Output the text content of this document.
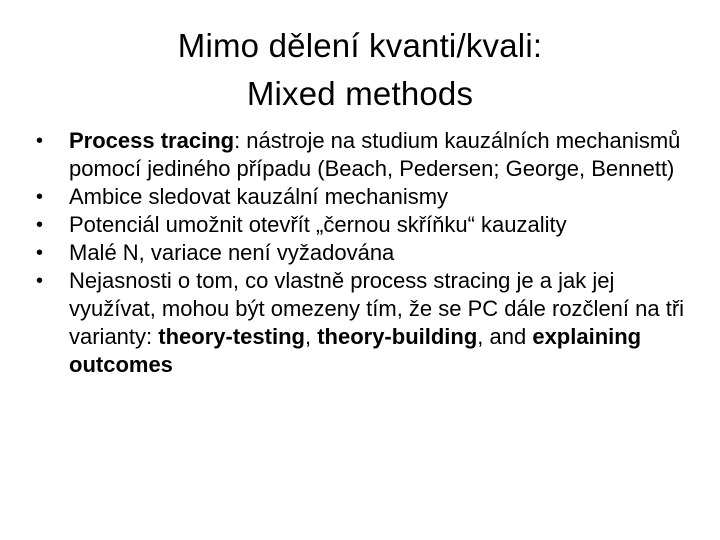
Mimo dělení kvanti/kvali:
Mixed methods
•	Process tracing: nástroje na studium kauzálních mechanismů pomocí jediného případu (Beach, Pedersen; George, Bennett)
•	Ambice sledovat kauzální mechanismy
•	Potenciál umožnit otevřít „černou skříňku“ kauzality
•	Malé N, variace není vyžadována
•	Nejasnosti o tom, co vlastně process stracing je a jak jej využívat, mohou být omezeny tím, že se PC dále rozčlení na tři varianty: theory-testing, theory-building, and explaining outcomes
